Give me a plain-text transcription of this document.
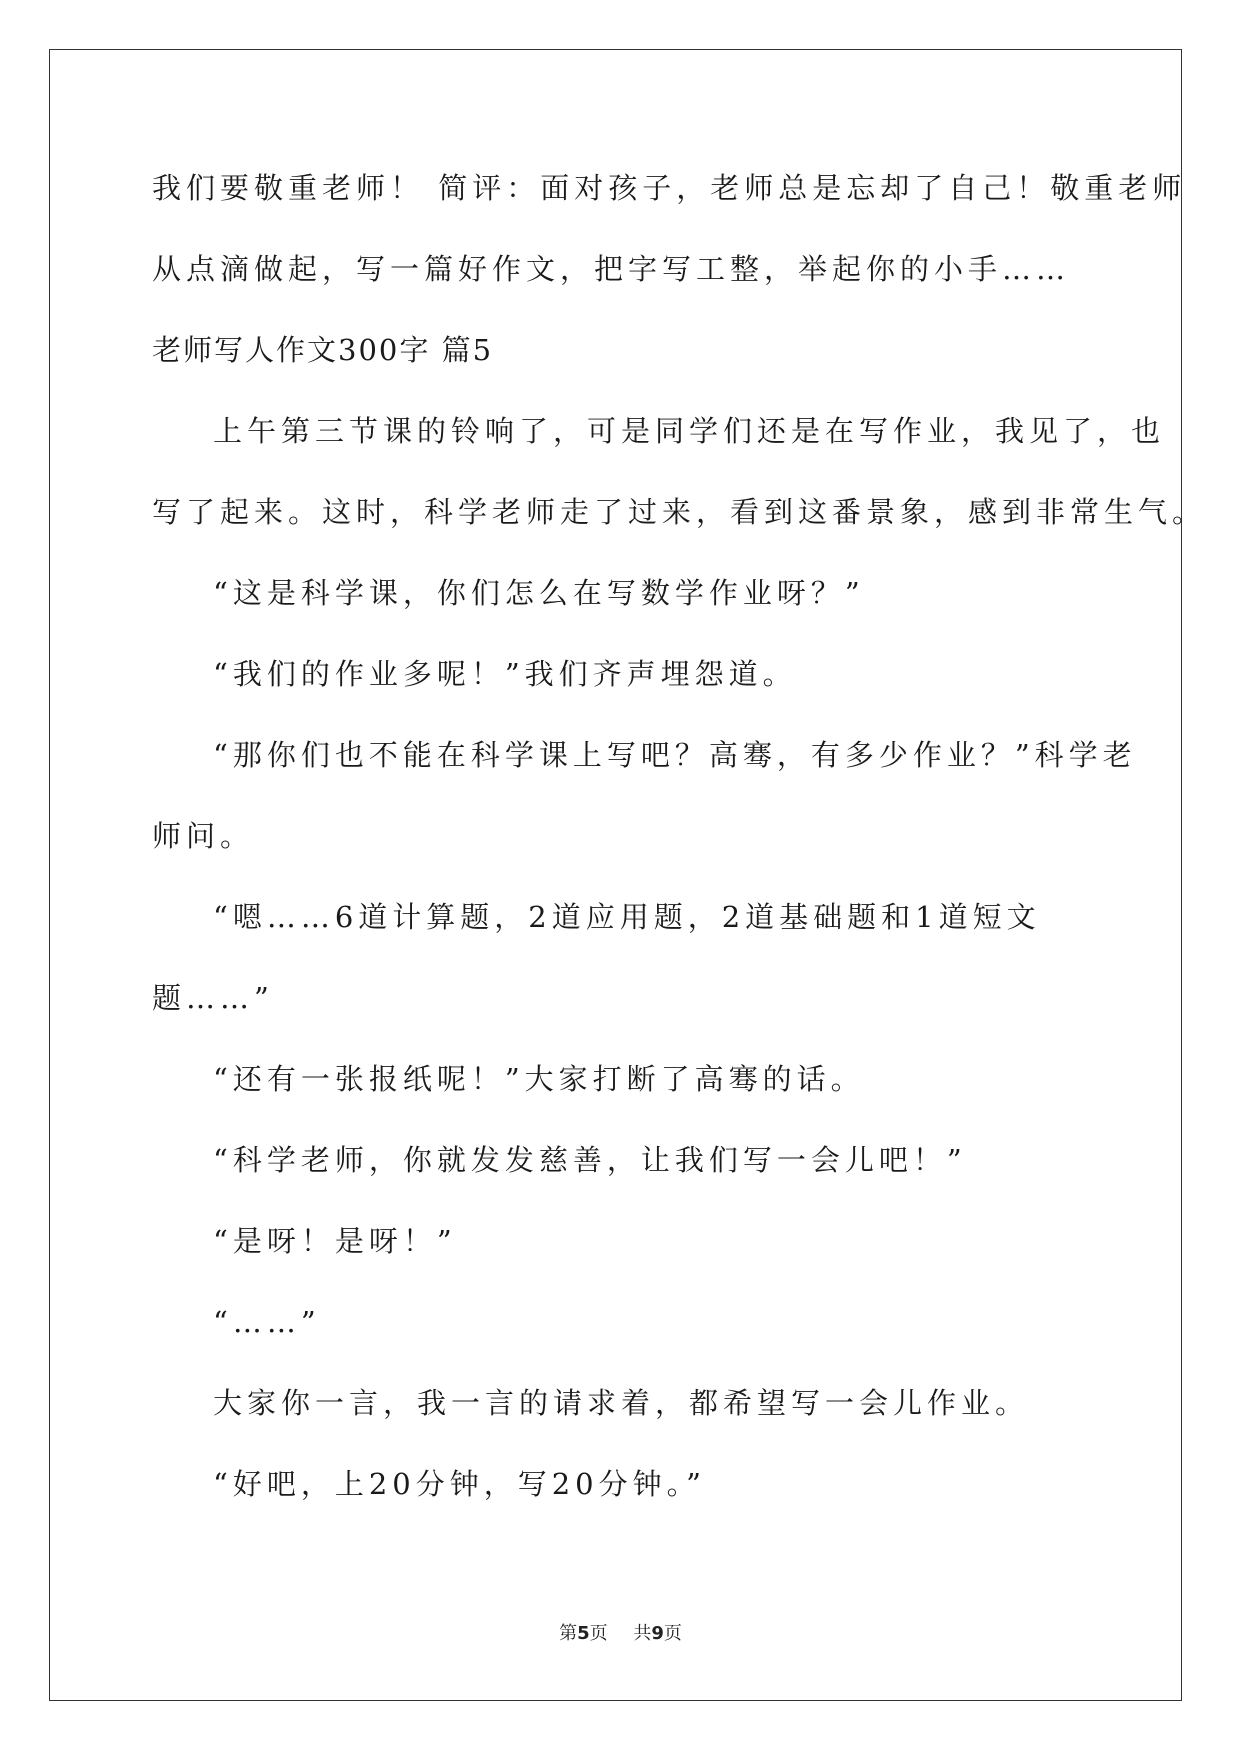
我们要敬重老师！ 简评：面对孩子，老师总是忘却了自己！敬重老师
从点滴做起，写一篇好作文，把字写工整，举起你的小手……
老师写人作文300字 篇5
上午第三节课的铃响了，可是同学们还是在写作业，我见了，也
写了起来。这时，科学老师走了过来，看到这番景象，感到非常生气。
“这是科学课，你们怎么在写数学作业呀？”
“我们的作业多呢！”我们齐声埋怨道。
“那你们也不能在科学课上写吧？高骞，有多少作业？”科学老
师问。
“嗯……6道计算题，2道应用题，2道基础题和1道短文
题……”
“还有一张报纸呢！”大家打断了高骞的话。
“科学老师，你就发发慈善，让我们写一会儿吧！”
“是呀！是呀！”
“……”
大家你一言，我一言的请求着，都希望写一会儿作业。
“好吧，上20分钟，写20分钟。”
第5页 共9页
